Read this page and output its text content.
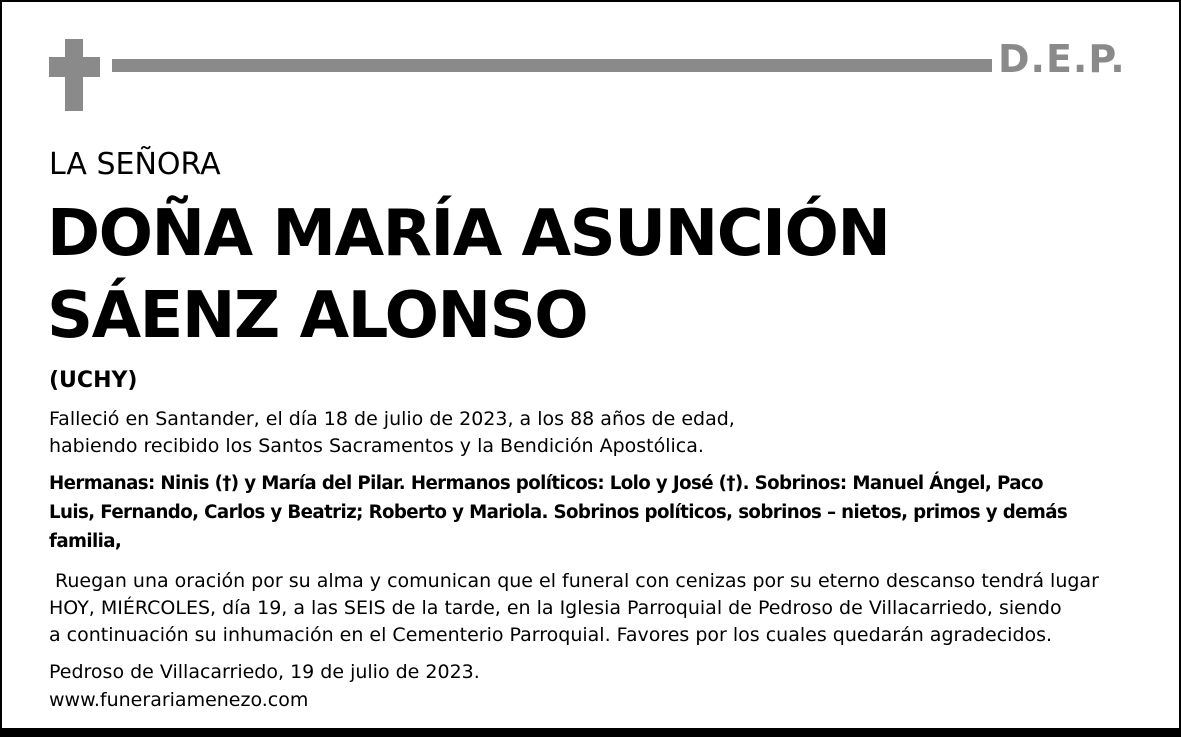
D.E.P.
LA SEÑORA
DOÑA MARÍA ASUNCIÓN
SÁENZ ALONSO
(UCHY)

Falleció en Santander, el día 18 de julio de 2023, a los 88 años de edad,

habiendo recibido los Santos Sacramentos y la Bendición Apostólica.

Hermanas: Ninis (†) y María del Pilar. Hermanos políticos: Lolo y José (†). Sobrinos: Manuel Ángel, Paco

Luis, Fernando, Carlos y Beatriz; Roberto y Mariola. Sobrinos políticos, sobrinos – nietos, primos y demás

familia,

Ruegan una oración por su alma y comunican que el funeral con cenizas por su eterno descanso tendrá lugar

HOY, MIÉRCOLES, día 19, a las SEIS de la tarde, en la Iglesia Parroquial de Pedroso de Villacarriedo, siendo

a continuación su inhumación en el Cementerio Parroquial. Favores por los cuales quedarán agradecidos.

Pedroso de Villacarriedo, 19 de julio de 2023.

www.funerariamenezo.com
